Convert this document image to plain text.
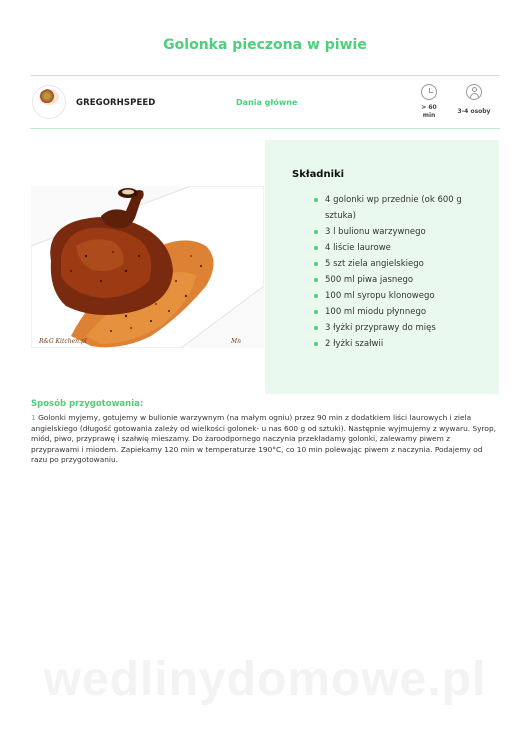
Golonka pieczona w piwie
GREGORHSPEED	Dania główne
> 60
min
3-4 osoby
R&G Kitchen.pl	Mn
Składniki
4 golonki wp przednie (ok 600 g sztuka)
3 l bulionu warzywnego
4 liście laurowe
5 szt ziela angielskiego
500 ml piwa jasnego
100 ml syropu klonowego
100 ml miodu płynnego
3 łyżki przyprawy do mięs
2 łyżki szałwii
Sposób przygotowania:

1 Golonki myjemy, gotujemy w bulionie warzywnym (na małym ogniu) przez 90 min z dodatkiem liści laurowych i ziela angielskiego (długość gotowania zależy od wielkości golonek- u nas 600 g od sztuki). Następnie wyjmujemy z wywaru. Syrop, miód, piwo, przyprawę i szałwię mieszamy. Do żaroodpornego naczynia przekładamy golonki, zalewamy piwem z przyprawami i miodem. Zapiekamy 120 min w temperaturze 190°C, co 10 min polewając piwem z naczynia. Podajemy od razu po przygotowaniu.

wedlinydomowe.pl
